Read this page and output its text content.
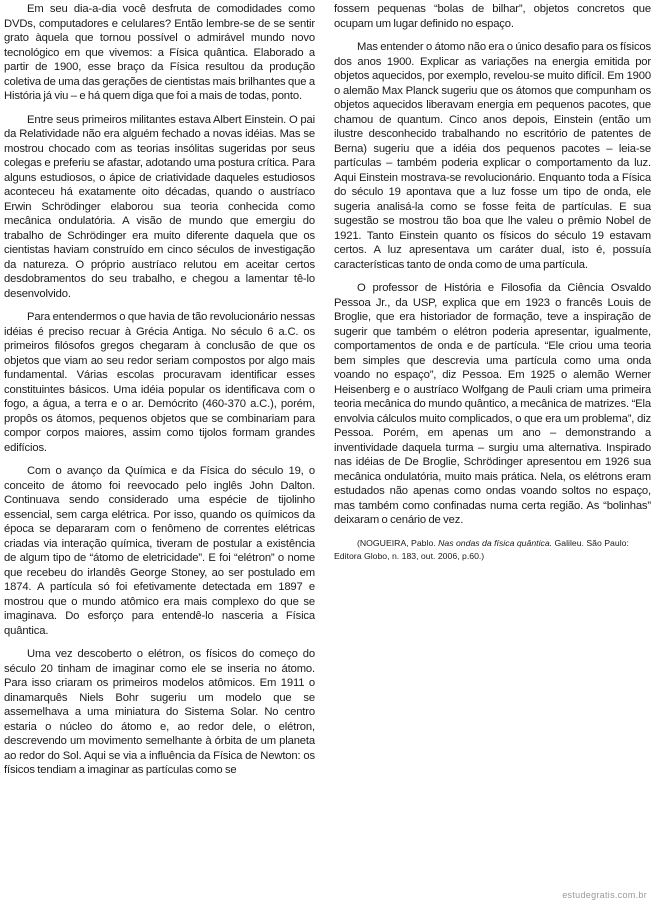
Em seu dia-a-dia você desfruta de comodidades como DVDs, computadores e celulares? Então lembre-se de se sentir grato àquela que tornou possível o admirável mundo novo tecnológico em que vivemos: a Física quântica. Elaborado a partir de 1900, esse braço da Física resultou da produção coletiva de uma das gerações de cientistas mais brilhantes que a História já viu – e há quem diga que foi a mais de todas, ponto.

Entre seus primeiros militantes estava Albert Einstein. O pai da Relatividade não era alguém fechado a novas idéias. Mas se mostrou chocado com as teorias insólitas sugeridas por seus colegas e preferiu se afastar, adotando uma postura crítica. Para alguns estudiosos, o ápice de criatividade daqueles estudiosos aconteceu há exatamente oito décadas, quando o austríaco Erwin Schrödinger elaborou sua teoria conhecida como mecânica ondulatória. A visão de mundo que emergiu do trabalho de Schrödinger era muito diferente daquela que os cientistas haviam construído em cinco séculos de investigação da natureza. O próprio austríaco relutou em aceitar certos desdobramentos do seu trabalho, e chegou a lamentar tê-lo desenvolvido.

Para entendermos o que havia de tão revolucionário nessas idéias é preciso recuar à Grécia Antiga. No século 6 a.C. os primeiros filósofos gregos chegaram à conclusão de que os objetos que viam ao seu redor seriam compostos por algo mais fundamental. Várias escolas procuravam identificar esses constituintes básicos. Uma idéia popular os identificava com o fogo, a água, a terra e o ar. Demócrito (460-370 a.C.), porém, propôs os átomos, pequenos objetos que se combinariam para compor corpos maiores, assim como tijolos formam grandes edifícios.

Com o avanço da Química e da Física do século 19, o conceito de átomo foi reevocado pelo inglês John Dalton. Continuava sendo considerado uma espécie de tijolinho essencial, sem carga elétrica. Por isso, quando os químicos da época se depararam com o fenômeno de correntes elétricas criadas via interação química, tiveram de postular a existência de algum tipo de “átomo de eletricidade”. E foi “elétron” o nome que recebeu do irlandês George Stoney, ao ser postulado em 1874. A partícula só foi efetivamente detectada em 1897 e mostrou que o mundo atômico era mais complexo do que se imaginava. Do esforço para entendê-lo nasceria a Física quântica.

Uma vez descoberto o elétron, os físicos do começo do século 20 tinham de imaginar como ele se inseria no átomo. Para isso criaram os primeiros modelos atômicos. Em 1911 o dinamarquês Niels Bohr sugeriu um modelo que se assemelhava a uma miniatura do Sistema Solar. No centro estaria o núcleo do átomo e, ao redor dele, o elétron, descrevendo um movimento semelhante à órbita de um planeta ao redor do Sol. Aqui se via a influência da Física de Newton: os físicos tendiam a imaginar as partículas como se

fossem pequenas “bolas de bilhar”, objetos concretos que ocupam um lugar definido no espaço.

Mas entender o átomo não era o único desafio para os físicos dos anos 1900. Explicar as variações na energia emitida por objetos aquecidos, por exemplo, revelou-se muito difícil. Em 1900 o alemão Max Planck sugeriu que os átomos que compunham os objetos aquecidos liberavam energia em pequenos pacotes, que chamou de quantum. Cinco anos depois, Einstein (então um ilustre desconhecido trabalhando no escritório de patentes de Berna) sugeriu que a idéia dos pequenos pacotes – leia-se partículas – também poderia explicar o comportamento da luz. Aqui Einstein mostrava-se revolucionário. Enquanto toda a Física do século 19 apontava que a luz fosse um tipo de onda, ele sugeria analisá-la como se fosse feita de partículas. E sua sugestão se mostrou tão boa que lhe valeu o prêmio Nobel de 1921. Tanto Einstein quanto os físicos do século 19 estavam certos. A luz apresentava um caráter dual, isto é, possuía características tanto de onda como de uma partícula.

O professor de História e Filosofia da Ciência Osvaldo Pessoa Jr., da USP, explica que em 1923 o francês Louis de Broglie, que era historiador de formação, teve a inspiração de sugerir que também o elétron poderia apresentar, igualmente, comportamentos de onda e de partícula. “Ele criou uma teoria bem simples que descrevia uma partícula como uma onda voando no espaço”, diz Pessoa. Em 1925 o alemão Werner Heisenberg e o austríaco Wolfgang de Pauli criam uma primeira teoria mecânica do mundo quântico, a mecânica de matrizes. “Ela envolvia cálculos muito complicados, o que era um problema”, diz Pessoa. Porém, em apenas um ano – demonstrando a inventividade daquela turma – surgiu uma alternativa. Inspirado nas idéias de De Broglie, Schrödinger apresentou em 1926 sua mecânica ondulatória, muito mais prática. Nela, os elétrons eram estudados não apenas como ondas voando soltos no espaço, mas também como confinadas numa certa região. As “bolinhas” deixaram o cenário de vez.

(NOGUEIRA, Pablo. Nas ondas da física quântica. Galileu. São Paulo: Editora Globo, n. 183, out. 2006, p.60.)

estudegratis.com.br
